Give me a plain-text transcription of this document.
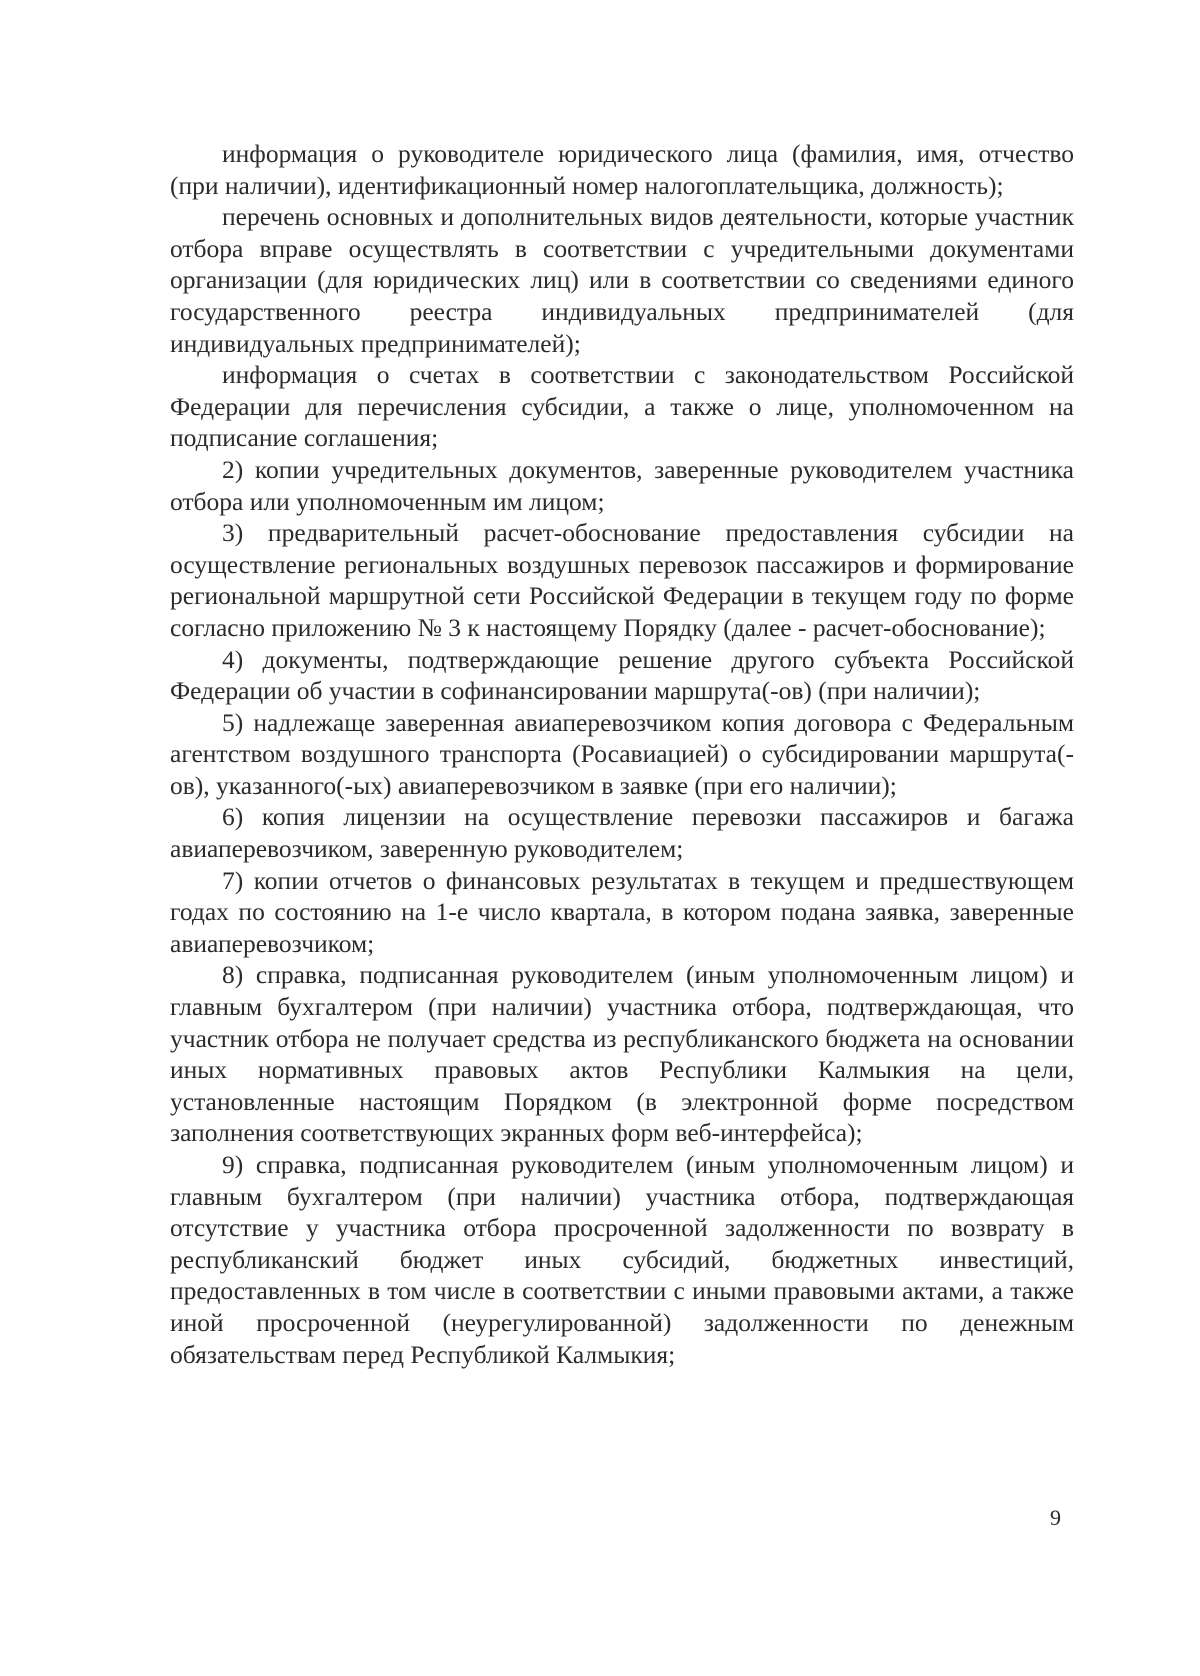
информация о руководителе юридического лица (фамилия, имя, отчество (при наличии), идентификационный номер налогоплательщика, должность);

перечень основных и дополнительных видов деятельности, которые участник отбора вправе осуществлять в соответствии с учредительными документами организации (для юридических лиц) или в соответствии со сведениями единого государственного реестра индивидуальных предпринимателей (для индивидуальных предпринимателей);

информация о счетах в соответствии с законодательством Российской Федерации для перечисления субсидии, а также о лице, уполномоченном на подписание соглашения;

2) копии учредительных документов, заверенные руководителем участника отбора или уполномоченным им лицом;

3) предварительный расчет-обоснование предоставления субсидии на осуществление региональных воздушных перевозок пассажиров и формирование региональной маршрутной сети Российской Федерации в текущем году по форме согласно приложению № 3 к настоящему Порядку (далее - расчет-обоснование);

4) документы, подтверждающие решение другого субъекта Российской Федерации об участии в софинансировании маршрута(-ов) (при наличии);

5) надлежаще заверенная авиаперевозчиком копия договора с Федеральным агентством воздушного транспорта (Росавиацией) о субсидировании маршрута(-ов), указанного(-ых) авиаперевозчиком в заявке (при его наличии);

6) копия лицензии на осуществление перевозки пассажиров и багажа авиаперевозчиком, заверенную руководителем;

7) копии отчетов о финансовых результатах в текущем и предшествующем годах по состоянию на 1-е число квартала, в котором подана заявка, заверенные авиаперевозчиком;

8) справка, подписанная руководителем (иным уполномоченным лицом) и главным бухгалтером (при наличии) участника отбора, подтверждающая, что участник отбора не получает средства из республиканского бюджета на основании иных нормативных правовых актов Республики Калмыкия на цели, установленные настоящим Порядком (в электронной форме посредством заполнения соответствующих экранных форм веб-интерфейса);

9) справка, подписанная руководителем (иным уполномоченным лицом) и главным бухгалтером (при наличии) участника отбора, подтверждающая отсутствие у участника отбора просроченной задолженности по возврату в республиканский бюджет иных субсидий, бюджетных инвестиций, предоставленных в том числе в соответствии с иными правовыми актами, а также иной просроченной (неурегулированной) задолженности по денежным обязательствам перед Республикой Калмыкия;

9
